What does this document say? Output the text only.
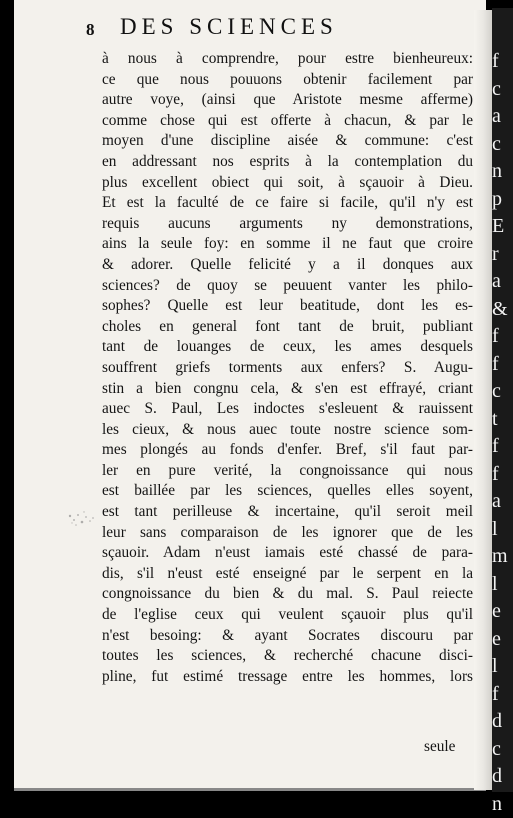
8 DES SCIENCES
à nous à comprendre, pour estre bienheureux:
ce que nous pouuons obtenir facilement par
autre voye, (ainsi que Aristote mesme afferme)
comme chose qui est offerte à chacun, & par le
moyen d'une discipline aisée & commune: c'est
en addressant nos esprits à la contemplation du
plus excellent obiect qui soit, à sçauoir à Dieu.
Et est la faculté de ce faire si facile, qu'il n'y est
requis aucuns arguments ny demonstrations,
ains la seule foy: en somme il ne faut que croire
& adorer. Quelle felicité y a il donques aux
sciences? de quoy se peuuent vanter les philo-
sophes? Quelle est leur beatitude, dont les es-
choles en general font tant de bruit, publiant
tant de louanges de ceux, les ames desquels
souffrent griefs torments aux enfers? S. Augu-
stin a bien congnu cela, & s'en est effrayé, criant
auec S. Paul, Les indoctes s'esleuent & rauissent
les cieux, & nous auec toute nostre science som-
mes plongés au fonds d'enfer. Bref, s'il faut par-
ler en pure verité, la congnoissance qui nous
est baillée par les sciences, quelles elles soyent,
est tant perilleuse & incertaine, qu'il seroit meil
leur sans comparaison de les ignorer que de les
sçauoir. Adam n'eust iamais esté chassé de para-
dis, s'il n'eust esté enseigné par le serpent en la
congnoissance du bien & du mal. S. Paul reiecte
de l'eglise ceux qui veulent sçauoir plus qu'il
n'est besoing: & ayant Socrates discouru par
toutes les sciences, & recherché chacune disci-
pline, fut estimé tressage entre les hommes, lors
seule
f
c
a
c
n
p
E
r
a
&
f
f
c
t
f
f
a
l
m
l
e
e
l
f
d
c
d
n
